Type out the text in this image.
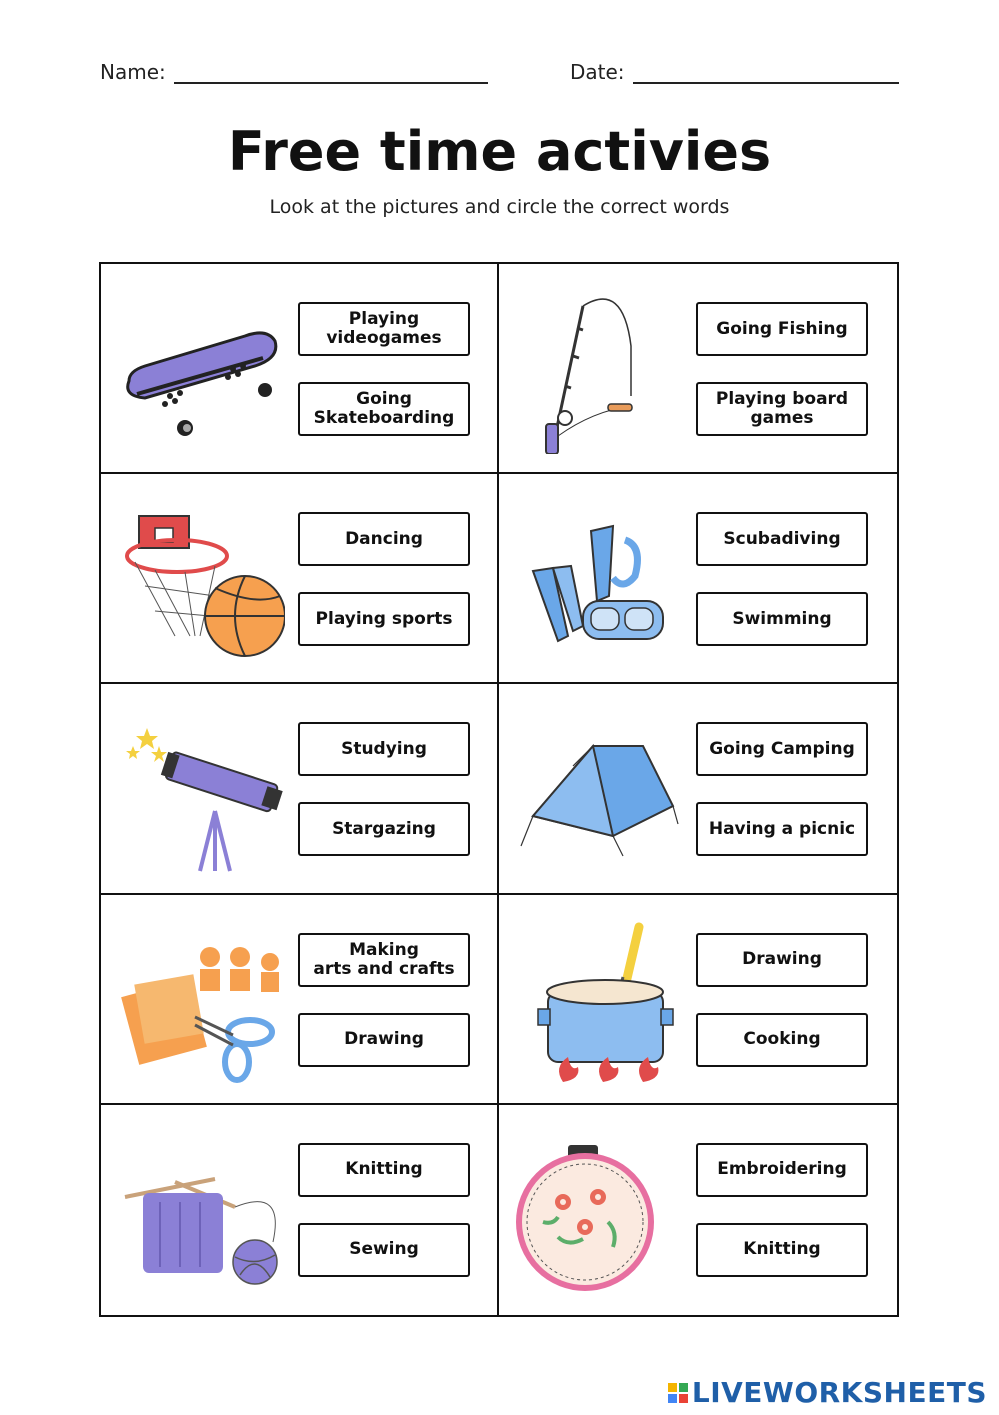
Name:	Date:
Free time activies
Look at the pictures and circle the correct words
Playing
videogames
Going
Skateboarding
Going Fishing
Playing board
games
Dancing
Playing sports
Scubadiving
Swimming
Studying
Stargazing
Going Camping
Having a picnic
Making
arts and crafts
Drawing
Drawing
Cooking
Knitting
Sewing
Embroidering
Knitting
LIVEWORKSHEETS
